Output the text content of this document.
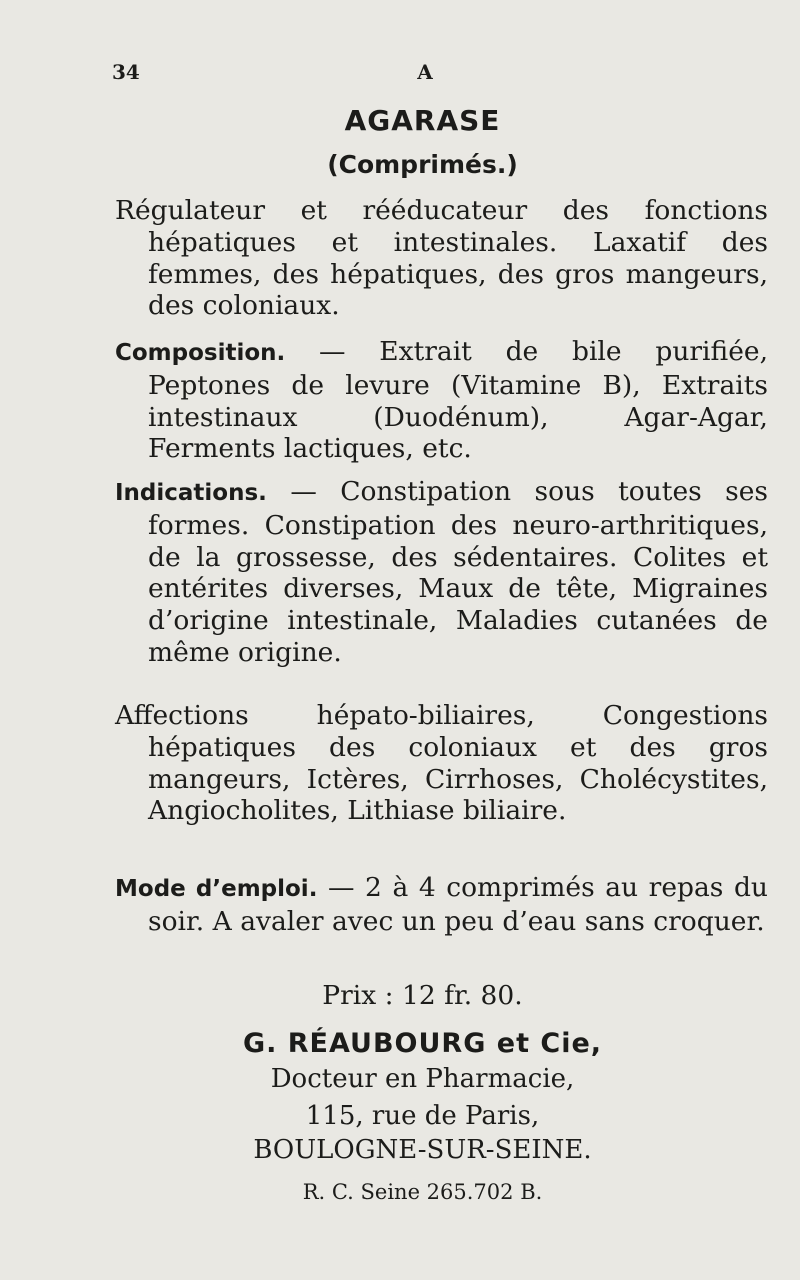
34	A
AGARASE
(Comprimés.)

Régulateur et rééducateur des fonctions hépatiques et intestinales. Laxatif des femmes, des hépatiques, des gros mangeurs, des coloniaux.

Composition. — Extrait de bile purifiée, Peptones de levure (Vitamine B), Extraits intestinaux (Duodénum), Agar-Agar, Ferments lactiques, etc.

Indications. — Constipation sous toutes ses formes. Constipation des neuro-arthritiques, de la grossesse, des sédentaires. Colites et entérites diverses, Maux de tête, Migraines d’origine intestinale, Maladies cutanées de même origine.

Affections hépato-biliaires, Congestions hépatiques des coloniaux et des gros mangeurs, Ictères, Cirrhoses, Cholécystites, Angiocholites, Lithiase biliaire.

Mode d’emploi. — 2 à 4 comprimés au repas du soir. A avaler avec un peu d’eau sans croquer.

Prix : 12 fr. 80.
G. RÉAUBOURG et Cie,
Docteur en Pharmacie,
115, rue de Paris,
BOULOGNE-SUR-SEINE.
R. C. Seine 265.702 B.
